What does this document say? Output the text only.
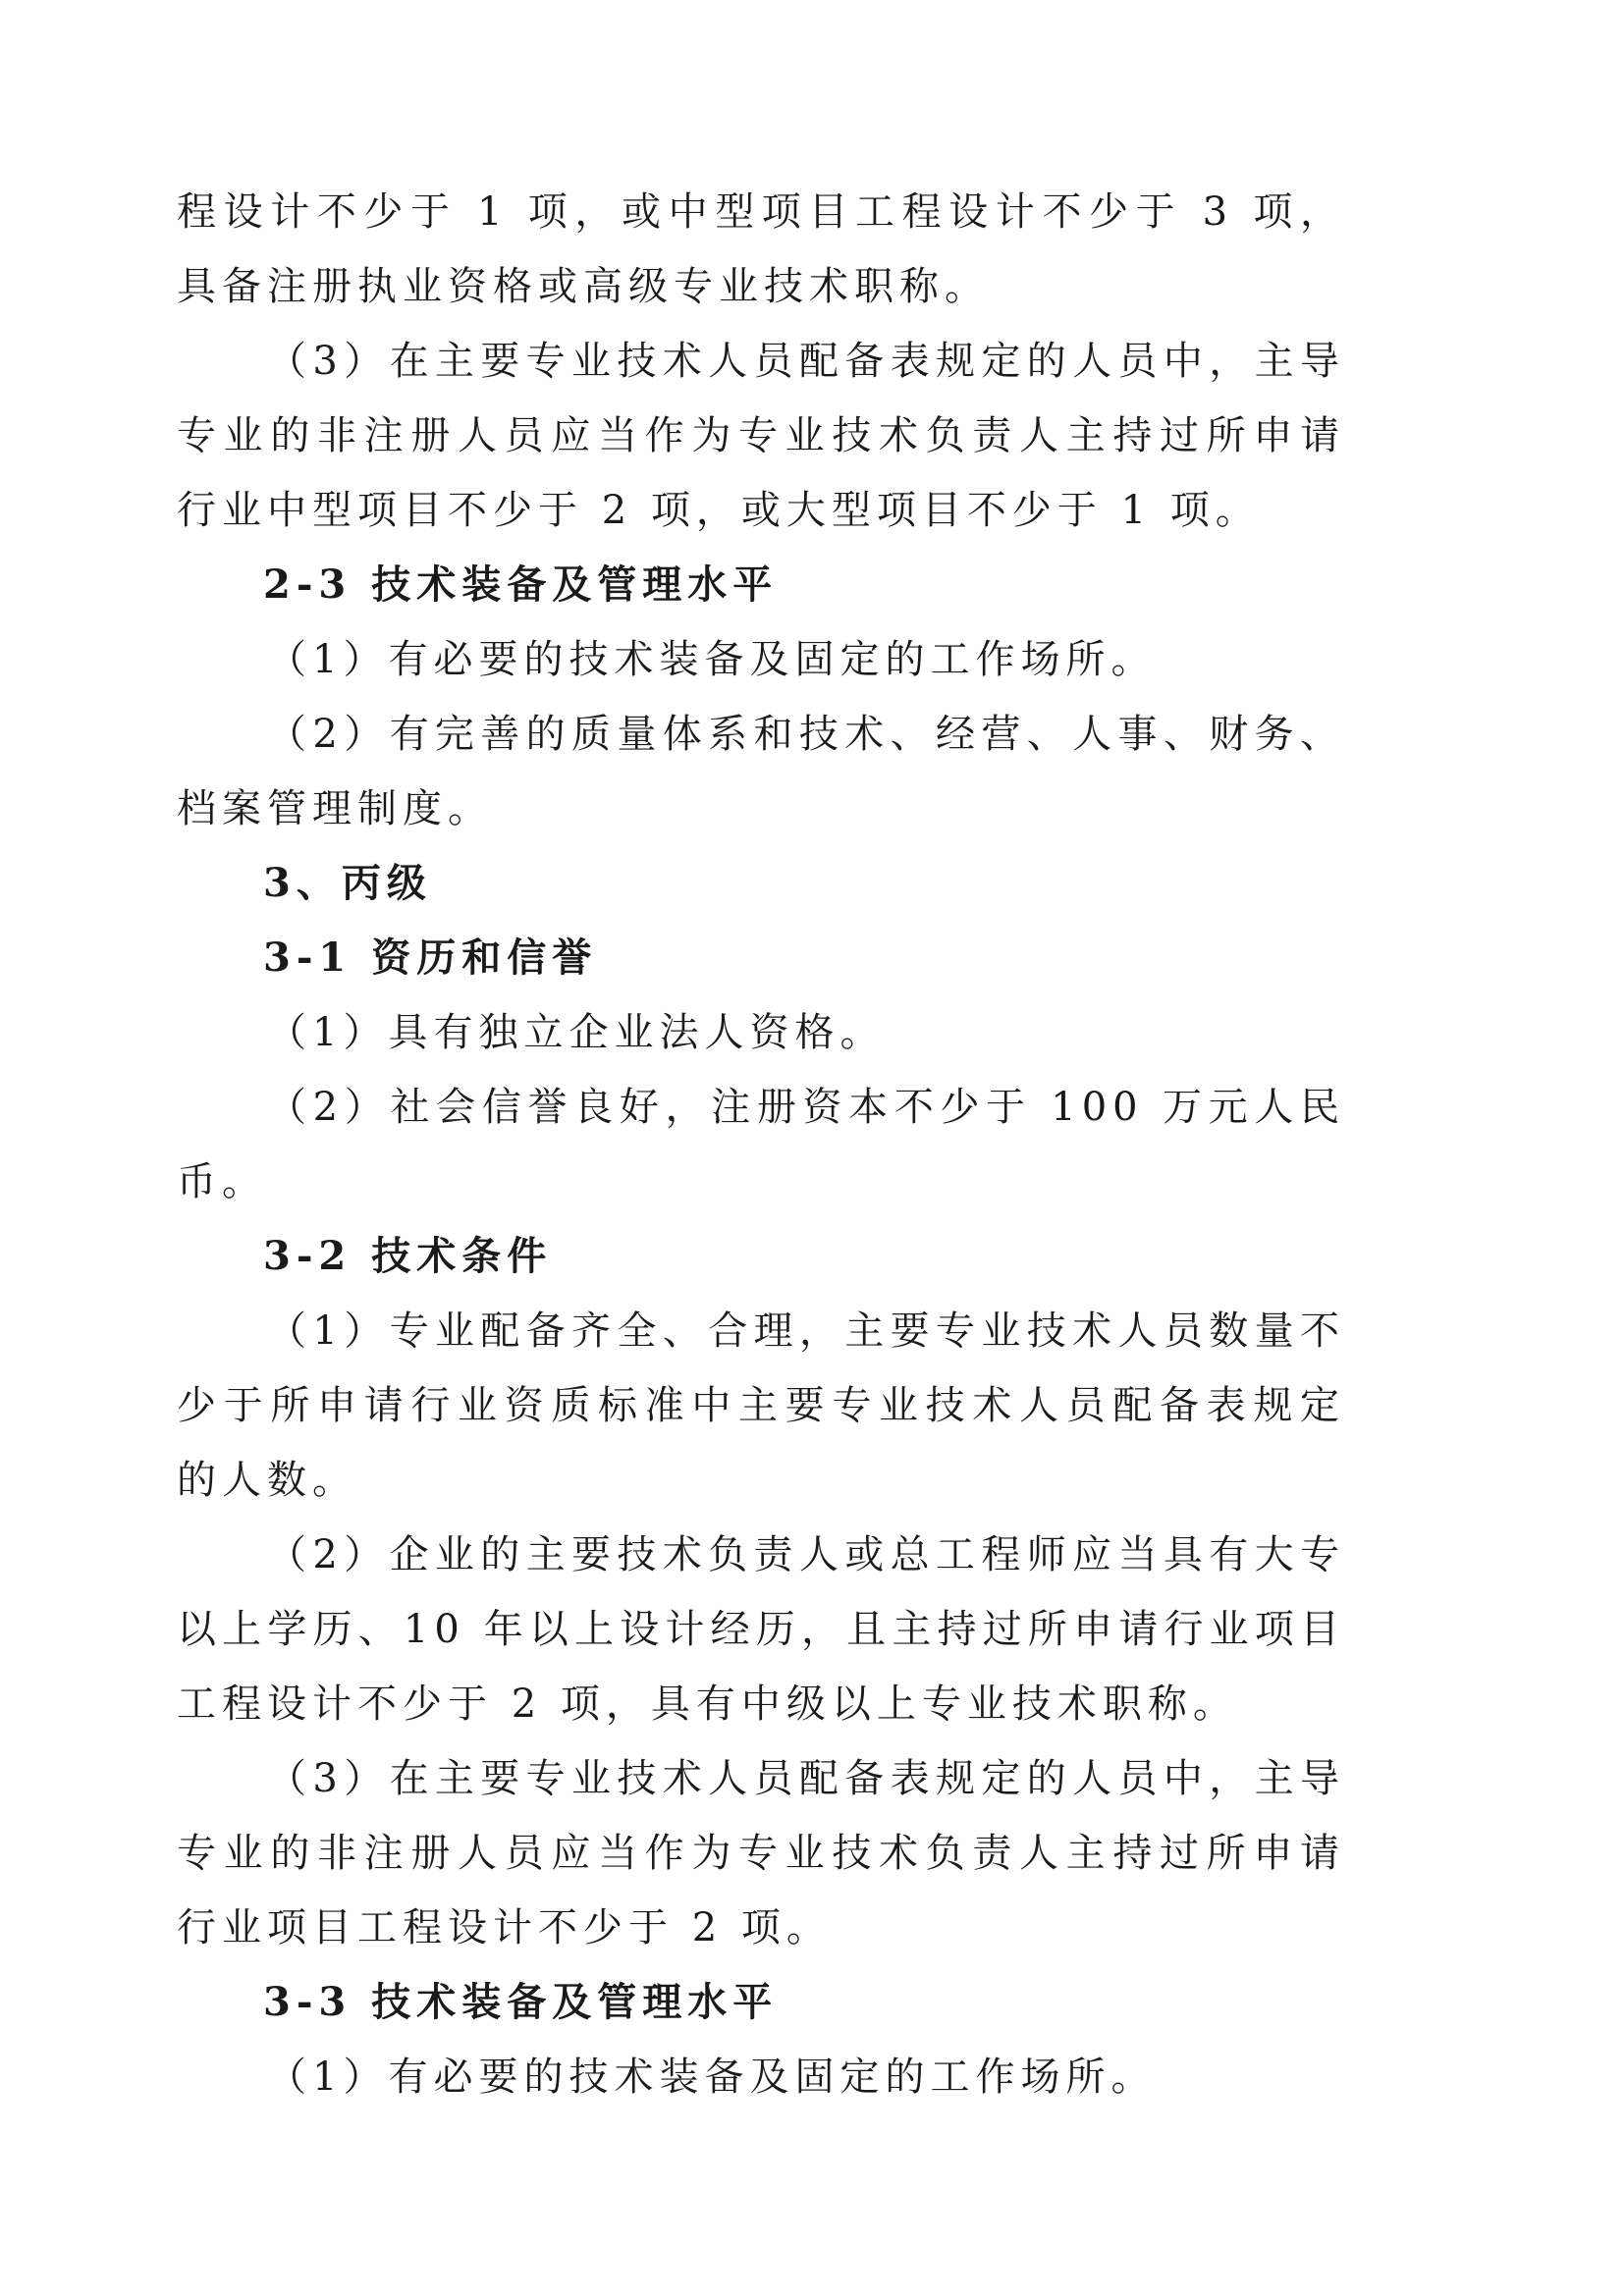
程设计不少于 1 项，或中型项目工程设计不少于 3 项，具备注册执业资格或高级专业技术职称。

（3）在主要专业技术人员配备表规定的人员中，主导专业的非注册人员应当作为专业技术负责人主持过所申请行业中型项目不少于 2 项，或大型项目不少于 1 项。

2-3 技术装备及管理水平

（1）有必要的技术装备及固定的工作场所。

（2）有完善的质量体系和技术、经营、人事、财务、档案管理制度。

3、丙级

3-1 资历和信誉

（1）具有独立企业法人资格。

（2）社会信誉良好，注册资本不少于 100 万元人民币。

3-2 技术条件

（1）专业配备齐全、合理，主要专业技术人员数量不少于所申请行业资质标准中主要专业技术人员配备表规定的人数。

（2）企业的主要技术负责人或总工程师应当具有大专以上学历、10 年以上设计经历，且主持过所申请行业项目工程设计不少于 2 项，具有中级以上专业技术职称。

（3）在主要专业技术人员配备表规定的人员中，主导专业的非注册人员应当作为专业技术负责人主持过所申请行业项目工程设计不少于 2 项。

3-3 技术装备及管理水平

（1）有必要的技术装备及固定的工作场所。
